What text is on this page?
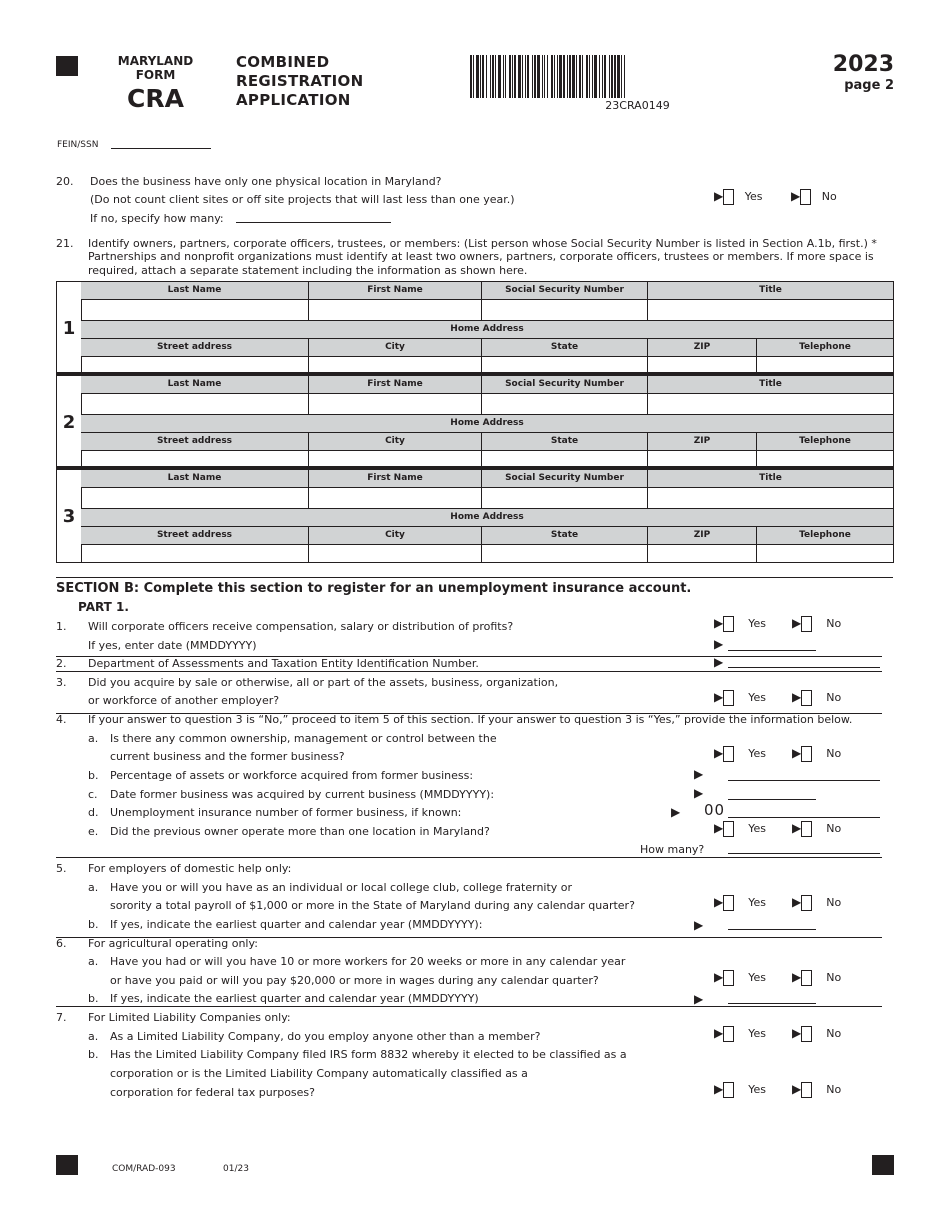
MARYLAND
FORM
CRA
COMBINED
REGISTRATION
APPLICATION	23CRA0149
2023
page 2
FEIN/SSN
20. Does the business have only one physical location in Maryland?
(Do not count client sites or off site projects that will last less than one year.)
If no, specify how many:
▶ Yes ▶ No
21. Identify owners, partners, corporate officers, trustees, or members: (List person whose Social Security Number is listed in Section A.1b, first.) *
Partnerships and nonprofit organizations must identify at least two owners, partners, corporate officers, trustees or members. If more space is
required, attach a separate statement including the information as shown here.
1
Last Name	First Name	Social Security Number	Title
Home Address
Street address	City	State	ZIP	Telephone
2
Last Name	First Name	Social Security Number	Title
Home Address
Street address	City	State	ZIP	Telephone
3
Last Name	First Name	Social Security Number	Title
Home Address
Street address	City	State	ZIP	Telephone
SECTION B: Complete this section to register for an unemployment insurance account.
PART 1.
1. Will corporate officers receive compensation, salary or distribution of profits?
If yes, enter date (MMDDYYYY)
▶ Yes ▶ No
▶
2. Department of Assessments and Taxation Entity Identification Number.	▶
3. Did you acquire by sale or otherwise, all or part of the assets, business, organization,
or workforce of another employer?	▶ Yes ▶ No
4. If your answer to question 3 is “No,” proceed to item 5 of this section. If your answer to question 3 is “Yes,” provide the information below.
a. Is there any common ownership, management or control between the
current business and the former business?	▶ Yes ▶ No
b. Percentage of assets or workforce acquired from former business:	▶
c. Date former business was acquired by current business (MMDDYYYY):	▶
d. Unemployment insurance number of former business, if known:	▶ 00
e. Did the previous owner operate more than one location in Maryland?	▶ Yes ▶ No
How many?
5. For employers of domestic help only:
a. Have you or will you have as an individual or local college club, college fraternity or
sorority a total payroll of $1,000 or more in the State of Maryland during any calendar quarter?	▶ Yes ▶ No
b. If yes, indicate the earliest quarter and calendar year (MMDDYYYY):	▶
6. For agricultural operating only:
a. Have you had or will you have 10 or more workers for 20 weeks or more in any calendar year
or have you paid or will you pay $20,000 or more in wages during any calendar quarter?	▶ Yes ▶ No
b. If yes, indicate the earliest quarter and calendar year (MMDDYYYY)	▶
7. For Limited Liability Companies only:
a. As a Limited Liability Company, do you employ anyone other than a member?	▶ Yes ▶ No
b. Has the Limited Liability Company filed IRS form 8832 whereby it elected to be classified as a
corporation or is the Limited Liability Company automatically classified as a
corporation for federal tax purposes?	▶ Yes ▶ No
COM/RAD-093	01/23
